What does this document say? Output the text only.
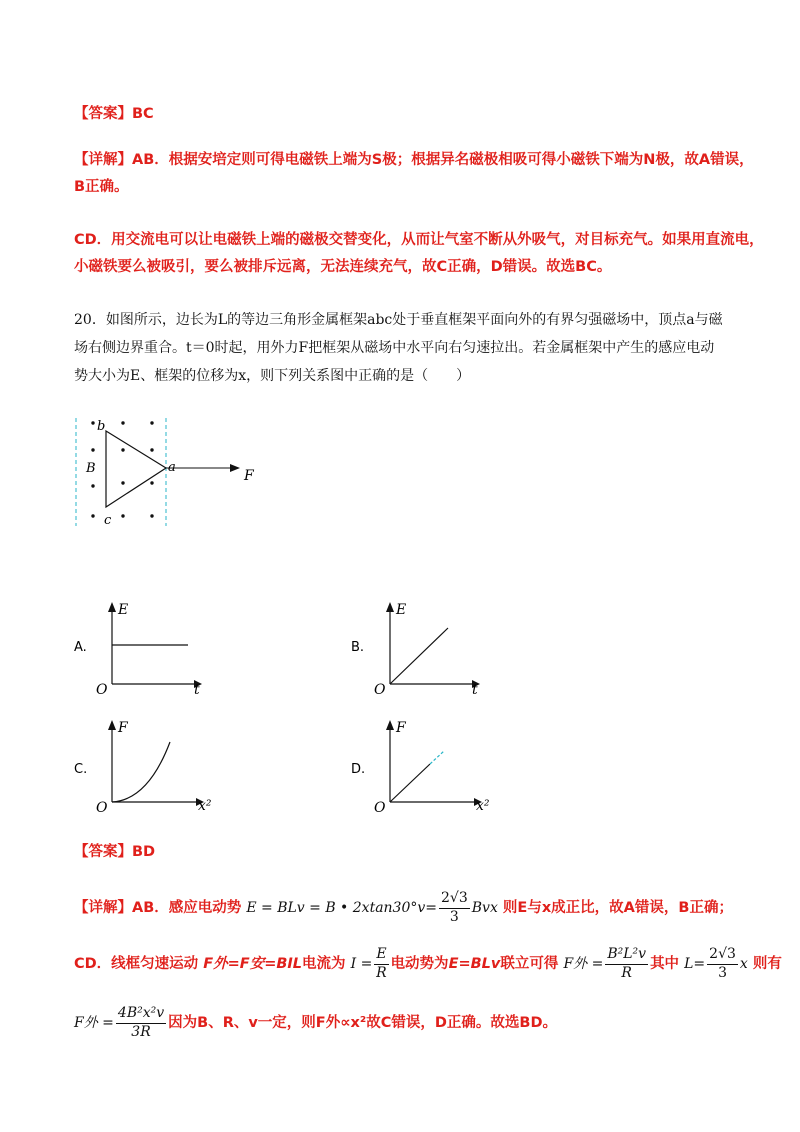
【答案】BC
【详解】AB．根据安培定则可得电磁铁上端为S极；根据异名磁极相吸可得小磁铁下端为N极，故A错误，
B正确。
CD．用交流电可以让电磁铁上端的磁极交替变化，从而让气室不断从外吸气，对目标充气。如果用直流电，
小磁铁要么被吸引，要么被排斥远离，无法连续充气，故C正确，D错误。故选BC。
20．如图所示，边长为L的等边三角形金属框架abc处于垂直框架平面向外的有界匀强磁场中，顶点a与磁
场右侧边界重合。t＝0时起，用外力F把框架从磁场中水平向右匀速拉出。若金属框架中产生的感应电动
势大小为E、框架的位移为x，则下列关系图中正确的是（　　）
b
a
c
B	F
A.
E
t
O
B.
E
t
O
C.
F
x²
O
D.
F
x²
O
【答案】BD
【详解】AB．感应电动势 E = BLv = B • $2xtan30^\circ v= \frac{2√3}{3}$ Bvx 则E与x成正比，故A错误，B正确；
CD．线框匀速运动 F外=F安=BIL电流为 $I = \frac{E}{R}$ 电动势为E=BLv联立可得 F外 = $\frac{\text{B²L²v}}{R}$ 其中 $L= \frac{2√3}{3}$ x 则有
F外 = $\frac{\text{4B²x²v}}{3R}$ 因为B、R、v一定，则F外∝x²故C错误，D正确。故选BD。
